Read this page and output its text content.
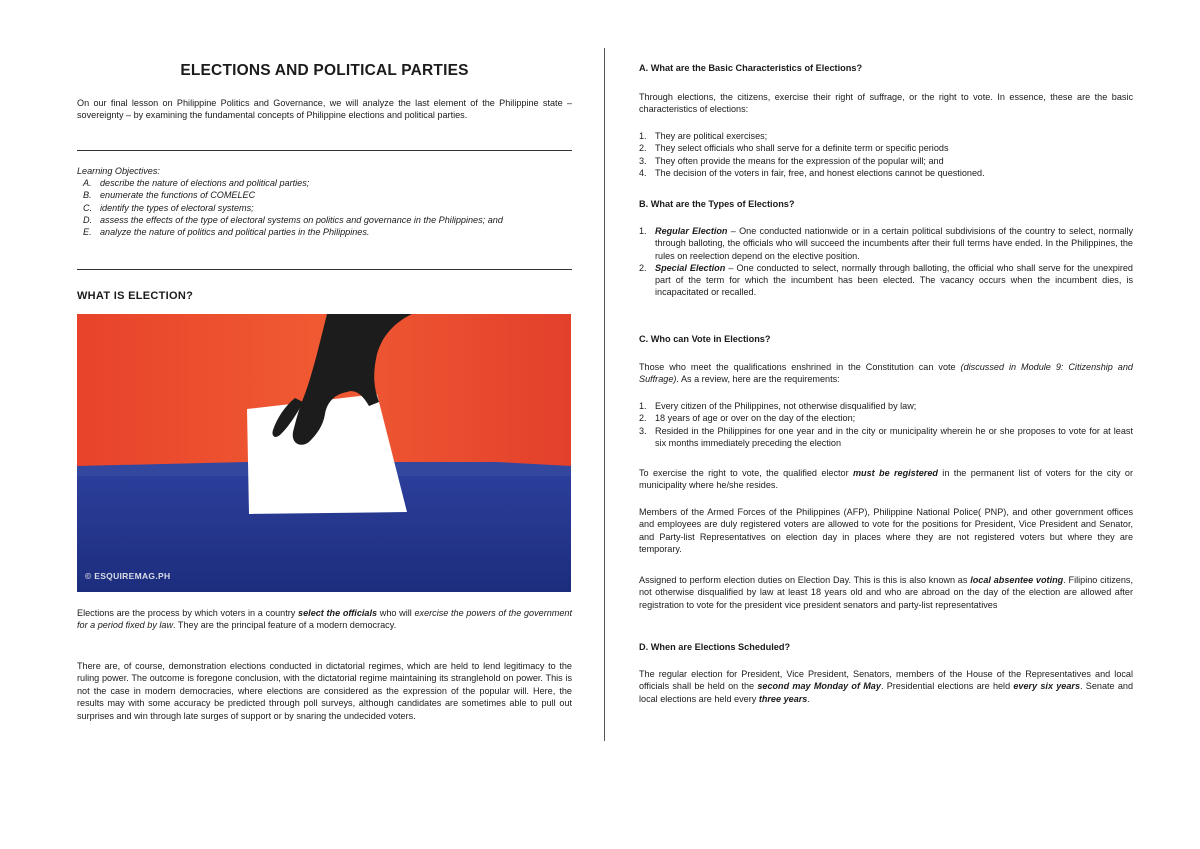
ELECTIONS AND POLITICAL PARTIES

On our final lesson on Philippine Politics and Governance, we will analyze the last element of the Philippine state – sovereignty – by examining the fundamental concepts of Philippine elections and political parties.

Learning Objectives:
A. describe the nature of elections and political parties;
B. enumerate the functions of COMELEC
C. identify the types of electoral systems;
D. assess the effects of the type of electoral systems on politics and governance in the Philippines; and
E. analyze the nature of politics and political parties in the Philippines.
WHAT IS ELECTION?
© ESQUIREMAG.PH

Elections are the process by which voters in a country select the officials who will exercise the powers of the government for a period fixed by law. They are the principal feature of a modern democracy.

There are, of course, demonstration elections conducted in dictatorial regimes, which are held to lend legitimacy to the ruling power. The outcome is foregone conclusion, with the dictatorial regime maintaining its stranglehold on power. This is not the case in modern democracies, where elections are considered as the expression of the popular will. Here, the results may with some accuracy be predicted through poll surveys, although candidates are sometimes able to pull out surprises and win through late surges of support or by snaring the undecided voters.

A. What are the Basic Characteristics of Elections?

Through elections, the citizens, exercise their right of suffrage, or the right to vote. In essence, these are the basic characteristics of elections:

1. They are political exercises;
2. They select officials who shall serve for a definite term or specific periods
3. They often provide the means for the expression of the popular will; and
4. The decision of the voters in fair, free, and honest elections cannot be questioned.
B. What are the Types of Elections?
1. Regular Election – One conducted nationwide or in a certain political subdivisions of the country to select, normally through balloting, the officials who will succeed the incumbents after their full terms have ended. In the Philippines, the rules on reelection depend on the elective position.
2. Special Election – One conducted to select, normally through balloting, the official who shall serve for the unexpired part of the term for which the incumbent has been elected. The vacancy occurs when the incumbent dies, is incapacitated or recalled.
C. Who can Vote in Elections?

Those who meet the qualifications enshrined in the Constitution can vote (discussed in Module 9: Citizenship and Suffrage). As a review, here are the requirements:

1. Every citizen of the Philippines, not otherwise disqualified by law;
2. 18 years of age or over on the day of the election;
3. Resided in the Philippines for one year and in the city or municipality wherein he or she proposes to vote for at least six months immediately preceding the election

To exercise the right to vote, the qualified elector must be registered in the permanent list of voters for the city or municipality where he/she resides.

Members of the Armed Forces of the Philippines (AFP), Philippine National Police( PNP), and other government offices and employees are duly registered voters are allowed to vote for the positions for President, Vice President and Senator, and Party-list Representatives on election day in places where they are not registered voters but where they are temporary.

Assigned to perform election duties on Election Day. This is this is also known as local absentee voting. Filipino citizens, not otherwise disqualified by law at least 18 years old and who are abroad on the day of the election are allowed after registration to vote for the president vice president senators and party-list representatives

D. When are Elections Scheduled?

The regular election for President, Vice President, Senators, members of the House of the Representatives and local officials shall be held on the second may Monday of May. Presidential elections are held every six years. Senate and local elections are held every three years.
